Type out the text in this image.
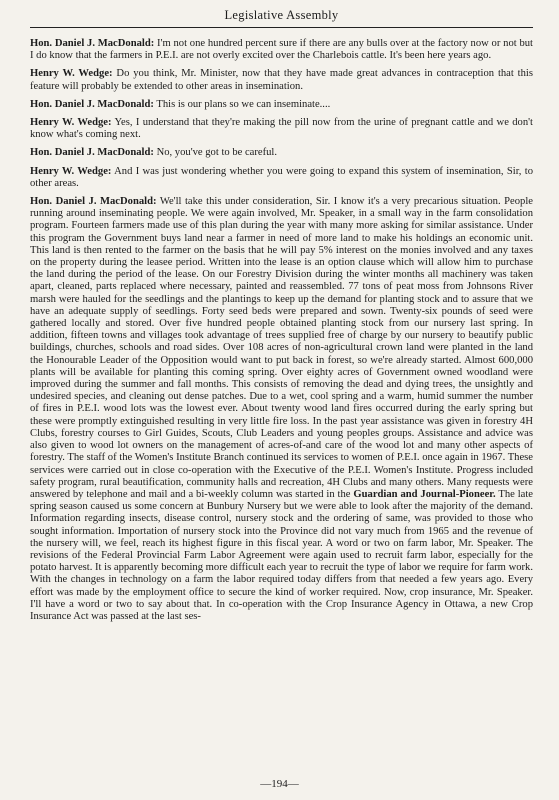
Legislative Assembly

Hon. Daniel J. MacDonald: I'm not one hundred percent sure if there are any bulls over at the factory now or not but I do know that the farmers in P.E.I. are not overly excited over the Charlebois cattle. It's been here years ago.

Henry W. Wedge: Do you think, Mr. Minister, now that they have made great advances in contraception that this feature will probably be extended to other areas in insemination.

Hon. Daniel J. MacDonald: This is our plans so we can inseminate....

Henry W. Wedge: Yes, I understand that they're making the pill now from the urine of pregnant cattle and we don't know what's coming next.

Hon. Daniel J. MacDonald: No, you've got to be careful.

Henry W. Wedge: And I was just wondering whether you were going to expand this system of insemination, Sir, to other areas.

Hon. Daniel J. MacDonald: We'll take this under consideration, Sir. I know it's a very precarious situation. People running around inseminating people. We were again involved, Mr. Speaker, in a small way in the farm consolidation program. Fourteen farmers made use of this plan during the year with many more asking for similar assistance. Under this program the Government buys land near a farmer in need of more land to make his holdings an economic unit. This land is then rented to the farmer on the basis that he will pay 5% interest on the monies involved and any taxes on the property during the leasee period. Written into the lease is an option clause which will allow him to purchase the land during the period of the lease. On our Forestry Division during the winter months all machinery was taken apart, cleaned, parts replaced where necessary, painted and reassembled. 77 tons of peat moss from Johnsons River marsh were hauled for the seedlings and the plantings to keep up the demand for planting stock and to assure that we have an adequate supply of seedlings. Forty seed beds were prepared and sown. Twenty-six pounds of seed were gathered locally and stored. Over five hundred people obtained planting stock from our nursery last spring. In addition, fifteen towns and villages took advantage of trees supplied free of charge by our nursery to beautify public buildings, churches, schools and road sides. Over 108 acres of non-agricultural crown land were planted in the land the Honourable Leader of the Opposition would want to put back in forest, so we're already started. Almost 600,000 plants will be available for planting this coming spring. Over eighty acres of Government owned woodland were improved during the summer and fall months. This consists of removing the dead and dying trees, the unsightly and undesired species, and cleaning out dense patches. Due to a wet, cool spring and a warm, humid summer the number of fires in P.E.I. wood lots was the lowest ever. About twenty wood land fires occurred during the early spring but these were promptly extinguished resulting in very little fire loss. In the past year assistance was given in forestry 4H Clubs, forestry courses to Girl Guides, Scouts, Club Leaders and young peoples groups. Assistance and advice was also given to wood lot owners on the management of acres-of-and care of the wood lot and many other aspects of forestry. The staff of the Women's Institute Branch continued its services to women of P.E.I. once again in 1967. These services were carried out in close co-operation with the Executive of the P.E.I. Women's Institute. Progress included safety program, rural beautification, community halls and recreation, 4H Clubs and many others. Many requests were answered by telephone and mail and a bi-weekly column was started in the Guardian and Journal-Pioneer. The late spring season caused us some concern at Bunbury Nursery but we were able to look after the majority of the demand. Information regarding insects, disease control, nursery stock and the ordering of same, was provided to those who sought information. Importation of nursery stock into the Province did not vary much from 1965 and the revenue of the nursery will, we feel, reach its highest figure in this fiscal year. A word or two on farm labor, Mr. Speaker. The revisions of the Federal Provincial Farm Labor Agreement were again used to recruit farm labor, especially for the potato harvest. It is apparently becoming more difficult each year to recruit the type of labor we require for farm work. With the changes in technology on a farm the labor required today differs from that needed a few years ago. Every effort was made by the employment office to secure the kind of worker required. Now, crop insurance, Mr. Speaker. I'll have a word or two to say about that. In co-operation with the Crop Insurance Agency in Ottawa, a new Crop Insurance Act was passed at the last ses-

—194—
